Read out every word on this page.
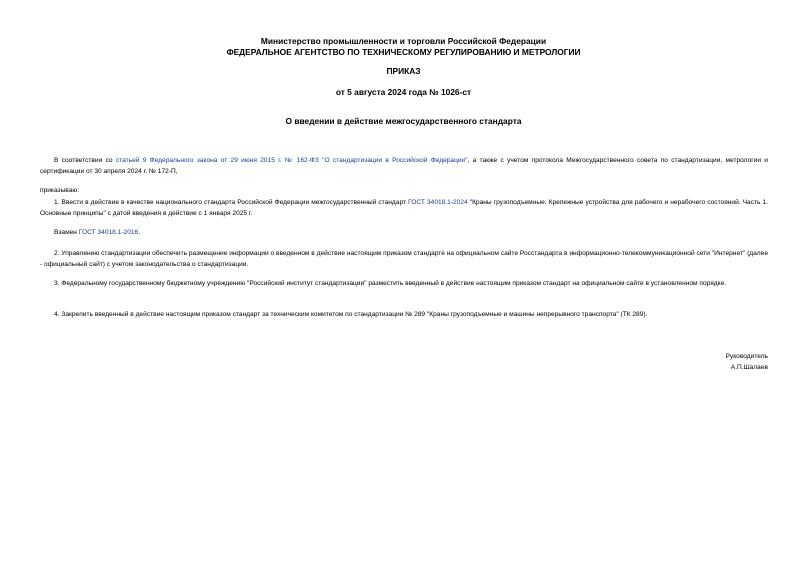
Министерство промышленности и торговли Российской Федерации
ФЕДЕРАЛЬНОЕ АГЕНТСТВО ПО ТЕХНИЧЕСКОМУ РЕГУЛИРОВАНИЮ И МЕТРОЛОГИИ
ПРИКАЗ
от 5 августа 2024 года № 1026-ст
О введении в действие межгосударственного стандарта
В соответствии со статьей 9 Федерального закона от 29 июня 2015 г. № 162-ФЗ "О стандартизации в Российской Федерации", а также с учетом протокола Межгосударственного совета по стандартизации, метрологии и сертификации от 30 апреля 2024 г. № 172-П,
приказываю:
1. Ввести в действие в качестве национального стандарта Российской Федерации межгосударственный стандарт ГОСТ 34018.1-2024 "Краны грузоподъемные. Крепежные устройства для рабочего и нерабочего состояний. Часть 1. Основные принципы" с датой введения в действие с 1 января 2025 г.
Взамен ГОСТ 34018.1-2016.
2. Управлению стандартизации обеспечить размещение информации о введенном в действие настоящим приказом стандарте на официальном сайте Росстандарта в информационно-телекоммуникационной сети "Интернет" (далее - официальный сайт) с учетом законодательства о стандартизации.
3. Федеральному государственному бюджетному учреждению "Российский институт стандартизации" разместить введенный в действие настоящим приказом стандарт на официальном сайте в установленном порядке.
4. Закрепить введенный в действие настоящим приказом стандарт за техническим комитетом по стандартизации № 289 "Краны грузоподъемные и машины непрерывного транспорта" (ТК 289).
Руководитель
А.П.Шалаев
